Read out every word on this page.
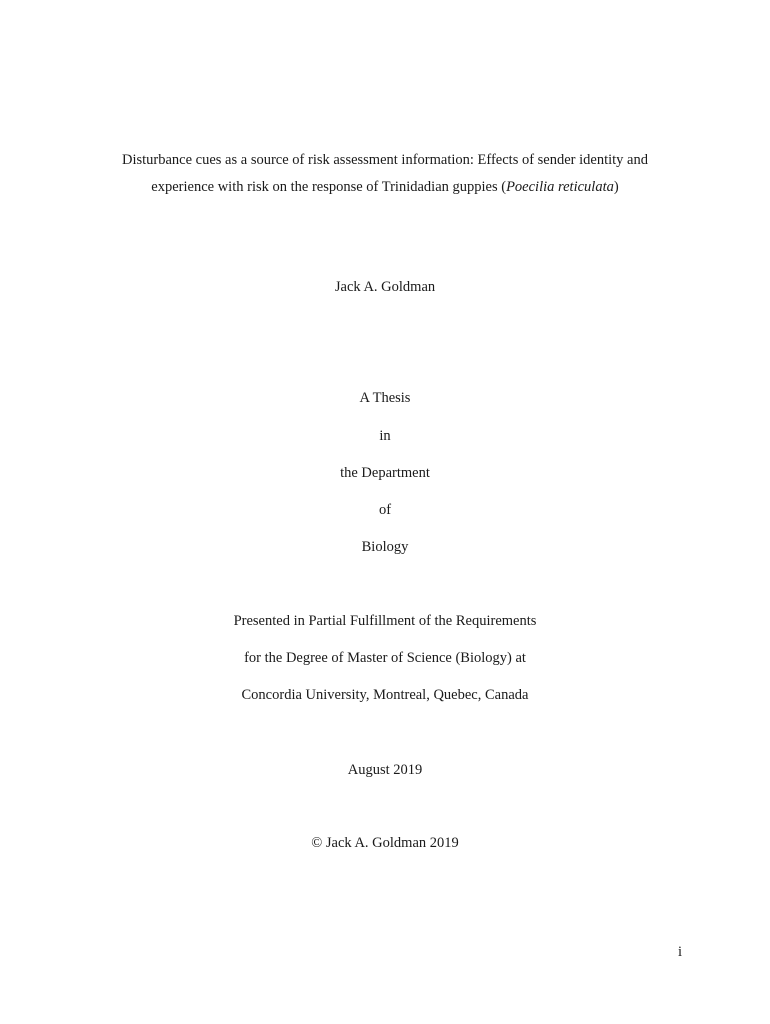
Disturbance cues as a source of risk assessment information: Effects of sender identity and
experience with risk on the response of Trinidadian guppies (Poecilia reticulata)
Jack A. Goldman
A Thesis
in
the Department
of
Biology
Presented in Partial Fulfillment of the Requirements
for the Degree of Master of Science (Biology) at
Concordia University, Montreal, Quebec, Canada
August 2019
© Jack A. Goldman 2019
i
